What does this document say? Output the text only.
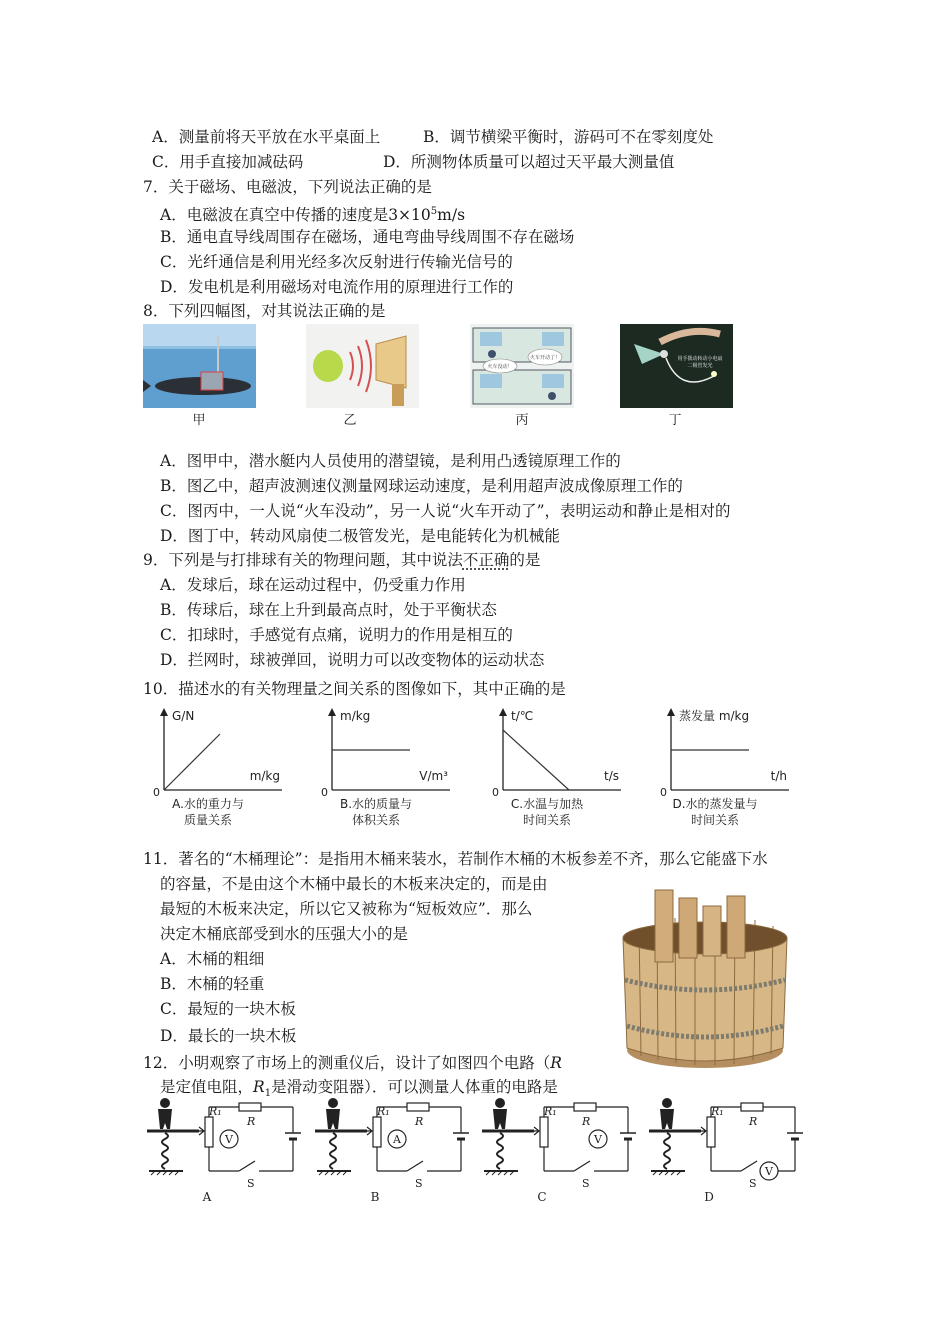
A．测量前将天平放在水平桌面上	B．调节横梁平衡时，游码可不在零刻度处
C．用手直接加减砝码	D．所测物体质量可以超过天平最大测量值
7．关于磁场、电磁波，下列说法正确的是
A．电磁波在真空中传播的速度是$3\times 10^5m/s$
B．通电直导线周围存在磁场，通电弯曲导线周围不存在磁场
C．光纤通信是利用光经多次反射进行传输光信号的
D．发电机是利用磁场对电流作用的原理进行工作的
8．下列四幅图，对其说法正确的是
甲	乙
火车没动！
火车开动了！
丙
用手拨动转动小电扇
二极管发光
丁
A．图甲中，潜水艇内人员使用的潜望镜，是利用凸透镜原理工作的
B．图乙中，超声波测速仪测量网球运动速度，是利用超声波成像原理工作的
C．图丙中，一人说“火车没动”，另一人说“火车开动了”，表明运动和静止是相对的
D．图丁中，转动风扇使二极管发光，是电能转化为机械能
9．下列是与打排球有关的物理问题，其中说法不正确的是
A．发球后，球在运动过程中，仍受重力作用
B．传球后，球在上升到最高点时，处于平衡状态
C．扣球时，手感觉有点痛，说明力的作用是相互的
D．拦网时，球被弹回，说明力可以改变物体的运动状态
10．描述水的有关物理量之间关系的图像如下，其中正确的是
G/N
m/kg
0
A.水的重力与
质量关系
m/kg
V/m³
0
B.水的质量与
体积关系
t/℃
t/s
0
C.水温与加热
时间关系
蒸发量 m/kg
t/h
0
D.水的蒸发量与
时间关系
11．著名的“木桶理论”：是指用木桶来装水，若制作木桶的木板参差不齐，那么它能盛下水
的容量，不是由这个木桶中最长的木板来决定的，而是由
最短的木板来决定，所以它又被称为“短板效应”．那么
决定木桶底部受到水的压强大小的是
A．木桶的粗细
B．木桶的轻重
C．最短的一块木板
D．最长的一块木板
12．小明观察了市场上的测重仪后，设计了如图四个电路（R
是定值电阻，$R_1$是滑动变阻器）．可以测量人体重的电路是
R₁
R
S
V
A
R₁
R
S
A
B
R₁
R
S
V
C
R₁
R
S
V
D
